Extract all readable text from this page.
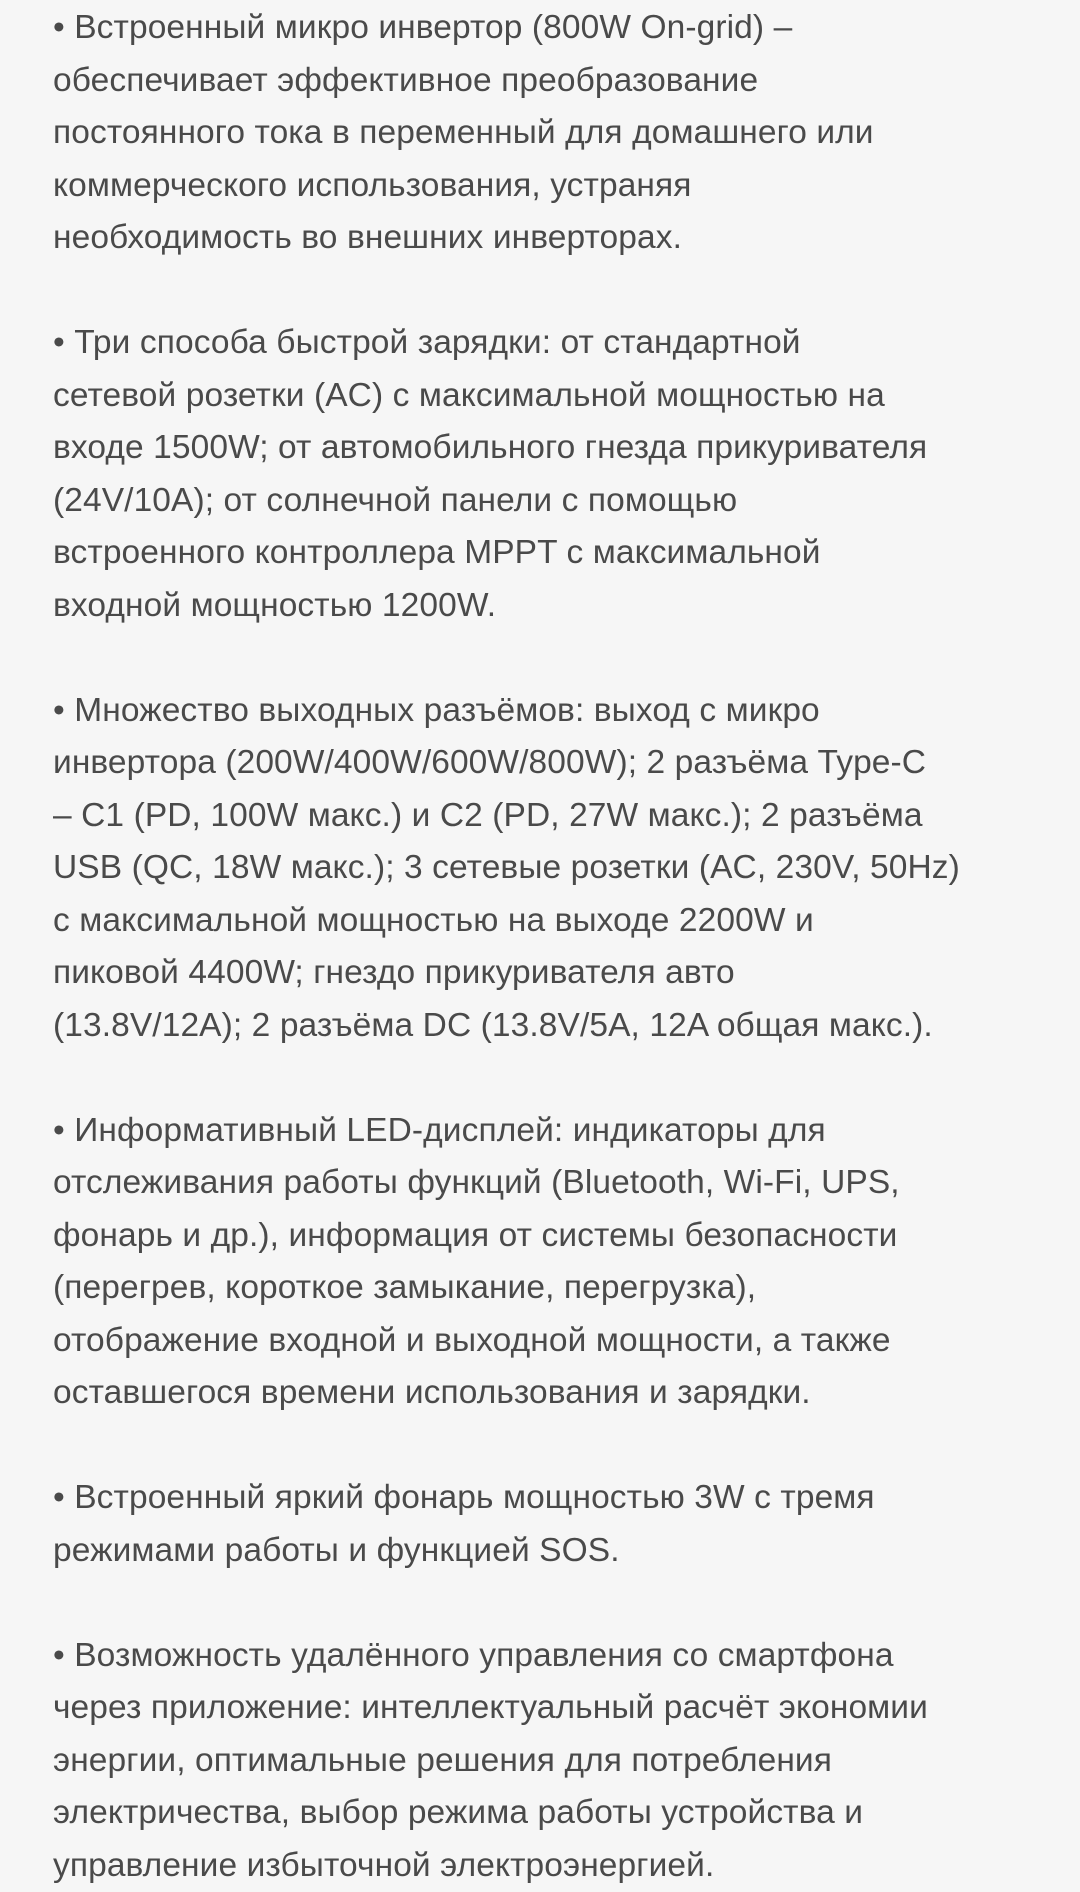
• Встроенный микро инвертор (800W On-grid) –
обеспечивает эффективное преобразование
постоянного тока в переменный для домашнего или
коммерческого использования, устраняя
необходимость во внешних инверторах.

• Три способа быстрой зарядки: от стандартной
сетевой розетки (AC) с максимальной мощностью на
входе 1500W; от автомобильного гнезда прикуривателя
(24V/10A); от солнечной панели с помощью
встроенного контроллера MPPT с максимальной
входной мощностью 1200W.

• Множество выходных разъёмов: выход с микро
инвертора (200W/400W/600W/800W); 2 разъёма Type-C
– C1 (PD, 100W макс.) и C2 (PD, 27W макс.); 2 разъёма
USB (QC, 18W макс.); 3 сетевые розетки (AC, 230V, 50Hz)
с максимальной мощностью на выходе 2200W и
пиковой 4400W; гнездо прикуривателя авто
(13.8V/12A); 2 разъёма DC (13.8V/5A, 12A общая макс.).

• Информативный LED-дисплей: индикаторы для
отслеживания работы функций (Bluetooth, Wi-Fi, UPS,
фонарь и др.), информация от системы безопасности
(перегрев, короткое замыкание, перегрузка),
отображение входной и выходной мощности, а также
оставшегося времени использования и зарядки.

• Встроенный яркий фонарь мощностью 3W с тремя
режимами работы и функцией SOS.

• Возможность удалённого управления со смартфона
через приложение: интеллектуальный расчёт экономии
энергии, оптимальные решения для потребления
электричества, выбор режима работы устройства и
управление избыточной электроэнергией.
